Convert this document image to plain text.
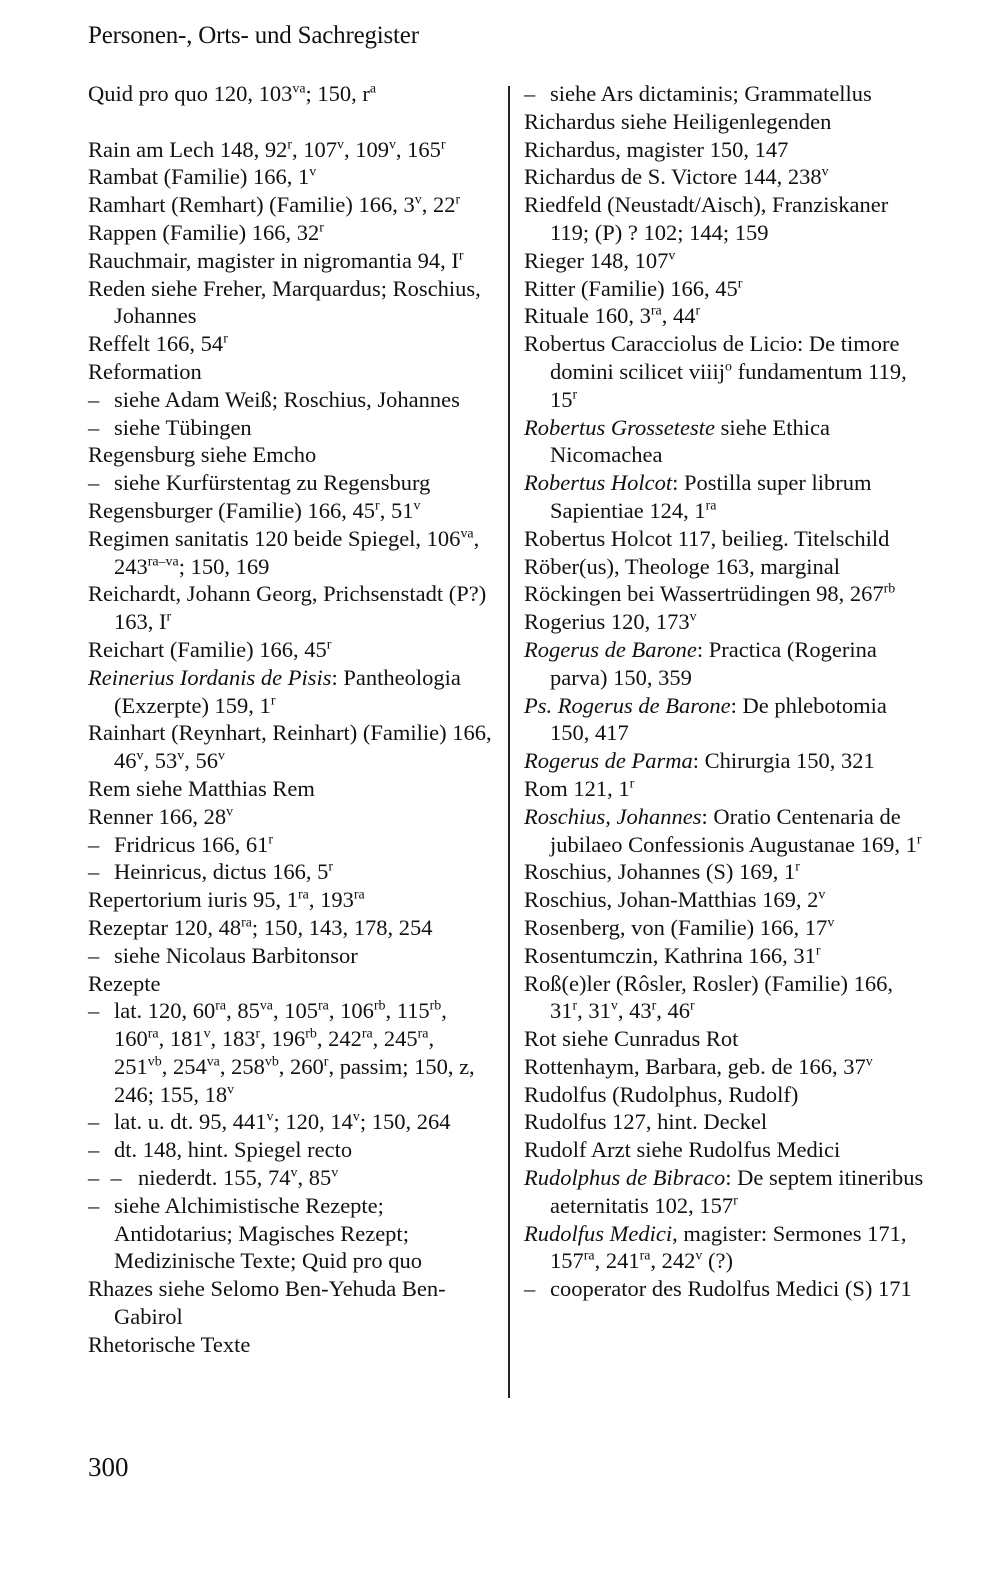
Personen-, Orts- und Sachregister
Quid pro quo 120, $103^{va}$; 150, $r^a$
Rain am Lech 148, 92$^r$, 107$^v$, 109$^v$, 165$^r$
Rambat (Familie) 166, 1$^v$
Ramhart (Remhart) (Familie) 166, 3$^v$, 22$^r$
Rappen (Familie) 166, 32$^r$
Rauchmair, magister in nigromantia 94, $I^r$
Reden siehe Freher, Marquardus; Roschius, Johannes
Reffelt 166, 54$^r$
Reformation
– siehe Adam Weiß; Roschius, Johannes
– siehe Tübingen
Regensburg siehe Emcho
– siehe Kurfürstentag zu Regensburg
Regensburger (Familie) 166, 45$^r$, 51$^v$
Regimen sanitatis 120 beide Spiegel, $106^{va}$, $243^{ra-va}$; 150, 169
Reichardt, Johann Georg, Prichsenstadt (P?) 163, $I^r$
Reichart (Familie) 166, 45$^r$
Reinerius Iordanis de Pisis: Pantheologia (Exzerpte) 159, 1$^r$
Rainhart (Reynhart, Reinhart) (Familie) 166, 46$^v$, 53$^v$, 56$^v$
Rem siehe Matthias Rem
Renner 166, 28$^v$
– Fridricus 166, 61$^r$
– Heinricus, dictus 166, 5$^r$
Repertorium iuris 95, $1^{ra}$, $193^{ra}$
Rezeptar 120, $48^{ra}$; 150, 143, 178, 254
– siehe Nicolaus Barbitonsor
Rezepte
– lat. 120, $60^{ra}$, $85^{va}$, $105^{ra}$, $106^{rb}$, $115^{rb}$, $160^{ra}$, 181$^v$, 183$^r$, $196^{rb}$, $242^{ra}$, $245^{ra}$, $251^{vb}$, $254^{va}$, $258^{vb}$, 260$^r$, passim; 150, z, 246; 155, 18$^v$
– lat. u. dt. 95, 441$^v$; 120, 14$^v$; 150, 264
– dt. 148, hint. Spiegel recto
– – niederdt. 155, 74$^v$, 85$^v$
– siehe Alchimistische Rezepte; Antidotarius; Magisches Rezept; Medizinische Texte; Quid pro quo
Rhazes siehe Selomo Ben-Yehuda Ben-Gabirol
Rhetorische Texte
– siehe Ars dictaminis; Grammatellus
Richardus siehe Heiligenlegenden
Richardus, magister 150, 147
Richardus de S. Victore 144, 238$^v$
Riedfeld (Neustadt/Aisch), Franziskaner 119; (P) ? 102; 144; 159
Rieger 148, 107$^v$
Ritter (Familie) 166, 45$^r$
Rituale 160, $3^{ra}$, 44$^r$
Robertus Caracciolus de Licio: De timore domini scilicet viiij$^o$ fundamentum 119, 15$^r$
Robertus Grosseteste siehe Ethica Nicomachea
Robertus Holcot: Postilla super librum Sapientiae 124, $1^{ra}$
Robertus Holcot 117, beilieg. Titelschild
Röber(us), Theologe 163, marginal
Röckingen bei Wassertrüdingen 98, $267^{rb}$
Rogerius 120, 173$^v$
Rogerus de Barone: Practica (Rogerina parva) 150, 359
Ps. Rogerus de Barone: De phlebotomia 150, 417
Rogerus de Parma: Chirurgia 150, 321
Rom 121, 1$^r$
Roschius, Johannes: Oratio Centenaria de jubilaeo Confessionis Augustanae 169, 1$^r$
Roschius, Johannes (S) 169, 1$^r$
Roschius, Johan-Matthias 169, 2$^v$
Rosenberg, von (Familie) 166, 17$^v$
Rosentumczin, Kathrina 166, 31$^r$
Roß(e)ler (Rôsler, Rosler) (Familie) 166, 31$^r$, 31$^v$, 43$^r$, 46$^r$
Rot siehe Cunradus Rot
Rottenhaym, Barbara, geb. de 166, 37$^v$
Rudolfus (Rudolphus, Rudolf)
Rudolfus 127, hint. Deckel
Rudolf Arzt siehe Rudolfus Medici
Rudolphus de Bibraco: De septem itineribus aeternitatis 102, 157$^r$
Rudolfus Medici, magister: Sermones 171, $157^{ra}$, $241^{ra}$, 242$^v$ (?)
– cooperator des Rudolfus Medici (S) 171
300
